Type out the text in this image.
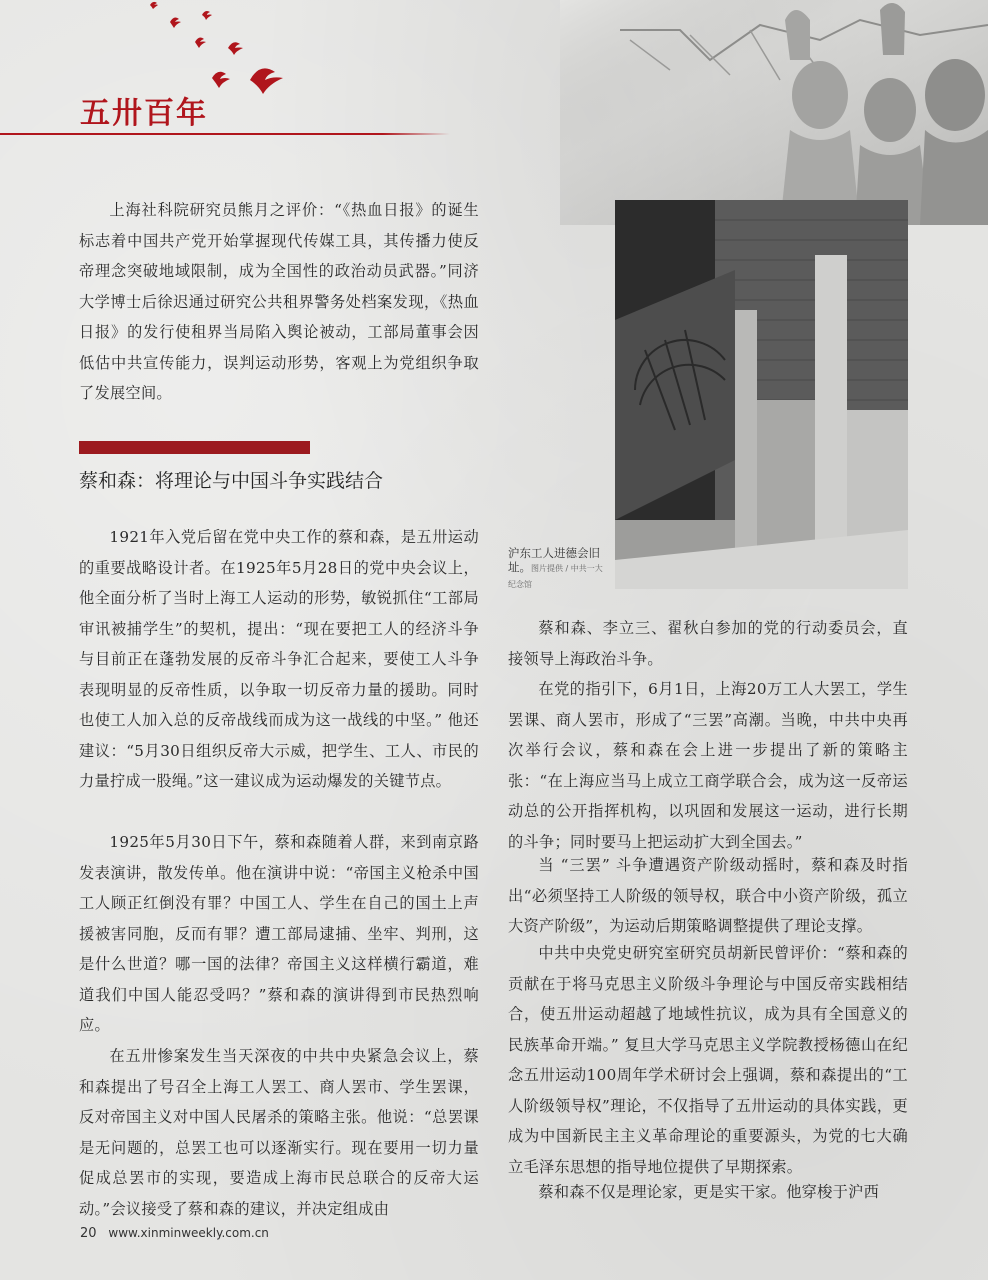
五卅百年

上海社科院研究员熊月之评价：“《热血日报》的诞生标志着中国共产党开始掌握现代传媒工具，其传播力使反帝理念突破地域限制，成为全国性的政治动员武器。”同济大学博士后徐迟通过研究公共租界警务处档案发现，《热血日报》的发行使租界当局陷入舆论被动，工部局董事会因低估中共宣传能力，误判运动形势，客观上为党组织争取了发展空间。

蔡和森：将理论与中国斗争实践结合

1921年入党后留在党中央工作的蔡和森，是五卅运动的重要战略设计者。在1925年5月28日的党中央会议上，他全面分析了当时上海工人运动的形势，敏锐抓住“工部局审讯被捕学生”的契机，提出：“现在要把工人的经济斗争与目前正在蓬勃发展的反帝斗争汇合起来，要使工人斗争表现明显的反帝性质，以争取一切反帝力量的援助。同时也使工人加入总的反帝战线而成为这一战线的中坚。” 他还建议：“5月30日组织反帝大示威，把学生、工人、市民的力量拧成一股绳。”这一建议成为运动爆发的关键节点。

1925年5月30日下午，蔡和森随着人群，来到南京路发表演讲，散发传单。他在演讲中说：“帝国主义枪杀中国工人顾正红倒没有罪？中国工人、学生在自己的国土上声援被害同胞，反而有罪？遭工部局逮捕、坐牢、判刑，这是什么世道？哪一国的法律？帝国主义这样横行霸道，难道我们中国人能忍受吗？”蔡和森的演讲得到市民热烈响应。

在五卅惨案发生当天深夜的中共中央紧急会议上，蔡和森提出了号召全上海工人罢工、商人罢市、学生罢课，反对帝国主义对中国人民屠杀的策略主张。他说：“总罢课是无问题的，总罢工也可以逐渐实行。现在要用一切力量促成总罢市的实现，要造成上海市民总联合的反帝大运动。”会议接受了蔡和森的建议，并决定组成由

沪东工人进德会旧址。图片提供 / 中共一大纪念馆

蔡和森、李立三、翟秋白参加的党的行动委员会，直接领导上海政治斗争。

在党的指引下，6月1日，上海20万工人大罢工，学生罢课、商人罢市，形成了“三罢”高潮。当晚，中共中央再次举行会议，蔡和森在会上进一步提出了新的策略主张：“在上海应当马上成立工商学联合会，成为这一反帝运动总的公开指挥机构，以巩固和发展这一运动，进行长期的斗争；同时要马上把运动扩大到全国去。”

当 “三罢” 斗争遭遇资产阶级动摇时，蔡和森及时指出“必须坚持工人阶级的领导权，联合中小资产阶级，孤立大资产阶级”，为运动后期策略调整提供了理论支撑。

中共中央党史研究室研究员胡新民曾评价：“蔡和森的贡献在于将马克思主义阶级斗争理论与中国反帝实践相结合，使五卅运动超越了地域性抗议，成为具有全国意义的民族革命开端。” 复旦大学马克思主义学院教授杨德山在纪念五卅运动100周年学术研讨会上强调，蔡和森提出的“工人阶级领导权”理论，不仅指导了五卅运动的具体实践，更成为中国新民主主义革命理论的重要源头，为党的七大确立毛泽东思想的指导地位提供了早期探索。

蔡和森不仅是理论家，更是实干家。他穿梭于沪西

20 www.xinminweekly.com.cn
